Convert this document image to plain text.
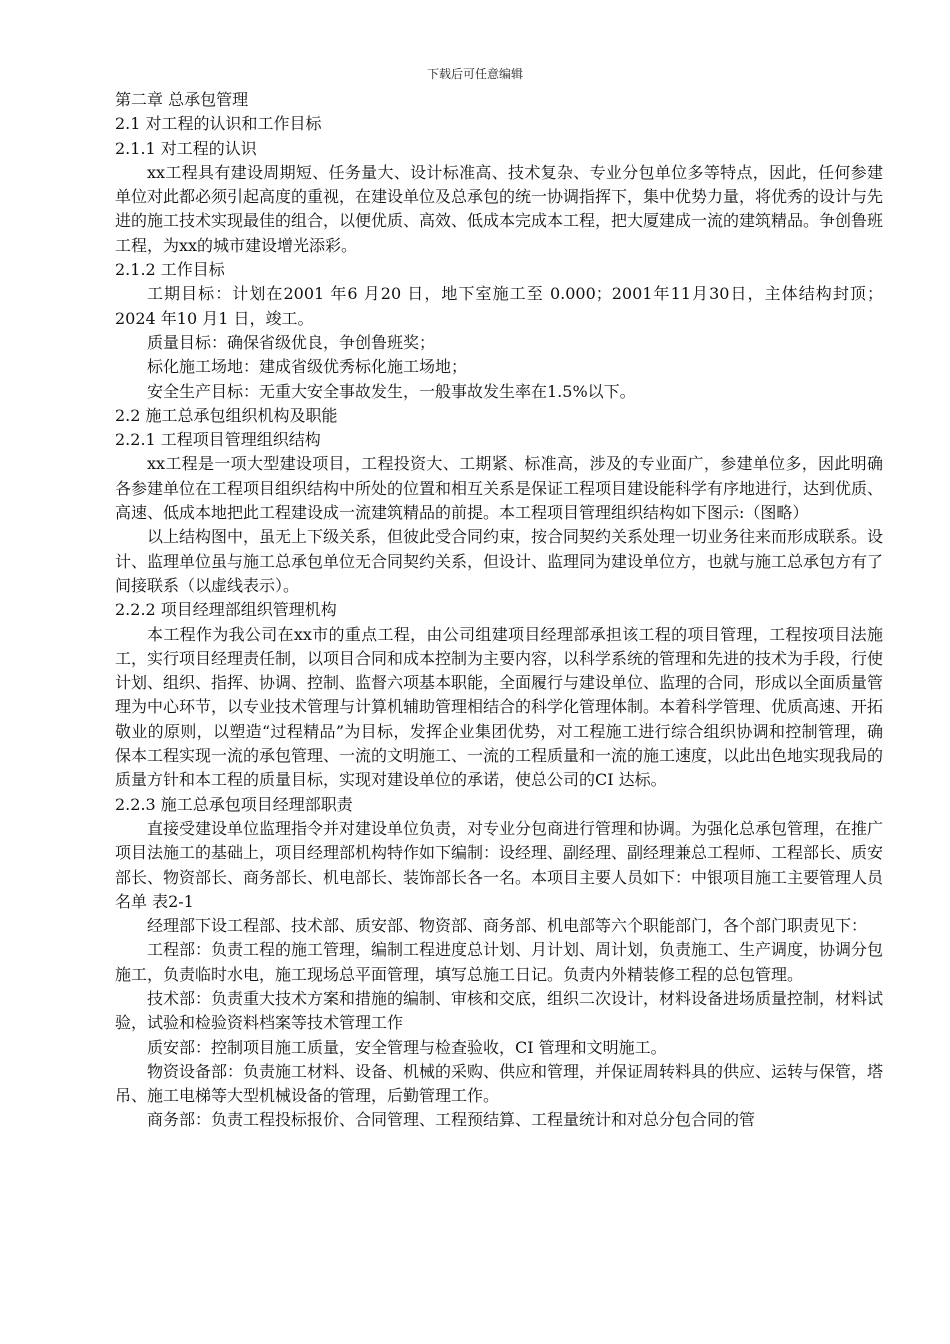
下载后可任意编辑

第二章 总承包管理

2.1 对工程的认识和工作目标

2.1.1 对工程的认识

xx工程具有建设周期短、任务量大、设计标准高、技术复杂、专业分包单位多等特点，因此，任何参建单位对此都必须引起高度的重视，在建设单位及总承包的统一协调指挥下，集中优势力量，将优秀的设计与先进的施工技术实现最佳的组合，以便优质、高效、低成本完成本工程，把大厦建成一流的建筑精品。争创鲁班工程，为xx的城市建设增光添彩。

2.1.2 工作目标

工期目标：计划在2001 年6 月20 日，地下室施工至 0.000；2001年11月30日，主体结构封顶；2024 年10 月1 日，竣工。

质量目标：确保省级优良，争创鲁班奖；

标化施工场地：建成省级优秀标化施工场地；

安全生产目标：无重大安全事故发生，一般事故发生率在1.5%以下。

2.2 施工总承包组织机构及职能

2.2.1 工程项目管理组织结构

xx工程是一项大型建设项目，工程投资大、工期紧、标准高，涉及的专业面广，参建单位多，因此明确各参建单位在工程项目组织结构中所处的位置和相互关系是保证工程项目建设能科学有序地进行，达到优质、高速、低成本地把此工程建设成一流建筑精品的前提。本工程项目管理组织结构如下图示:（图略）

以上结构图中，虽无上下级关系，但彼此受合同约束，按合同契约关系处理一切业务往来而形成联系。设计、监理单位虽与施工总承包单位无合同契约关系，但设计、监理同为建设单位方，也就与施工总承包方有了间接联系（以虚线表示）。

2.2.2 项目经理部组织管理机构

本工程作为我公司在xx市的重点工程，由公司组建项目经理部承担该工程的项目管理，工程按项目法施工，实行项目经理责任制，以项目合同和成本控制为主要内容，以科学系统的管理和先进的技术为手段，行使计划、组织、指挥、协调、控制、监督六项基本职能，全面履行与建设单位、监理的合同，形成以全面质量管理为中心环节，以专业技术管理与计算机辅助管理相结合的科学化管理体制。本着科学管理、优质高速、开拓敬业的原则，以塑造“过程精品”为目标，发挥企业集团优势，对工程施工进行综合组织协调和控制管理，确保本工程实现一流的承包管理、一流的文明施工、一流的工程质量和一流的施工速度，以此出色地实现我局的质量方针和本工程的质量目标，实现对建设单位的承诺，使总公司的CI 达标。

2.2.3 施工总承包项目经理部职责

直接受建设单位监理指令并对建设单位负责，对专业分包商进行管理和协调。为强化总承包管理，在推广项目法施工的基础上，项目经理部机构特作如下编制：设经理、副经理、副经理兼总工程师、工程部长、质安部长、物资部长、商务部长、机电部长、装饰部长各一名。本项目主要人员如下：中银项目施工主要管理人员名单 表2-1

经理部下设工程部、技术部、质安部、物资部、商务部、机电部等六个职能部门，各个部门职责见下：

工程部：负责工程的施工管理，编制工程进度总计划、月计划、周计划，负责施工、生产调度，协调分包施工，负责临时水电，施工现场总平面管理，填写总施工日记。负责内外精装修工程的总包管理。

技术部：负责重大技术方案和措施的编制、审核和交底，组织二次设计，材料设备进场质量控制，材料试验，试验和检验资料档案等技术管理工作

质安部：控制项目施工质量，安全管理与检查验收，CI 管理和文明施工。

物资设备部：负责施工材料、设备、机械的采购、供应和管理，并保证周转料具的供应、运转与保管，塔吊、施工电梯等大型机械设备的管理，后勤管理工作。

商务部：负责工程投标报价、合同管理、工程预结算、工程量统计和对总分包合同的管
